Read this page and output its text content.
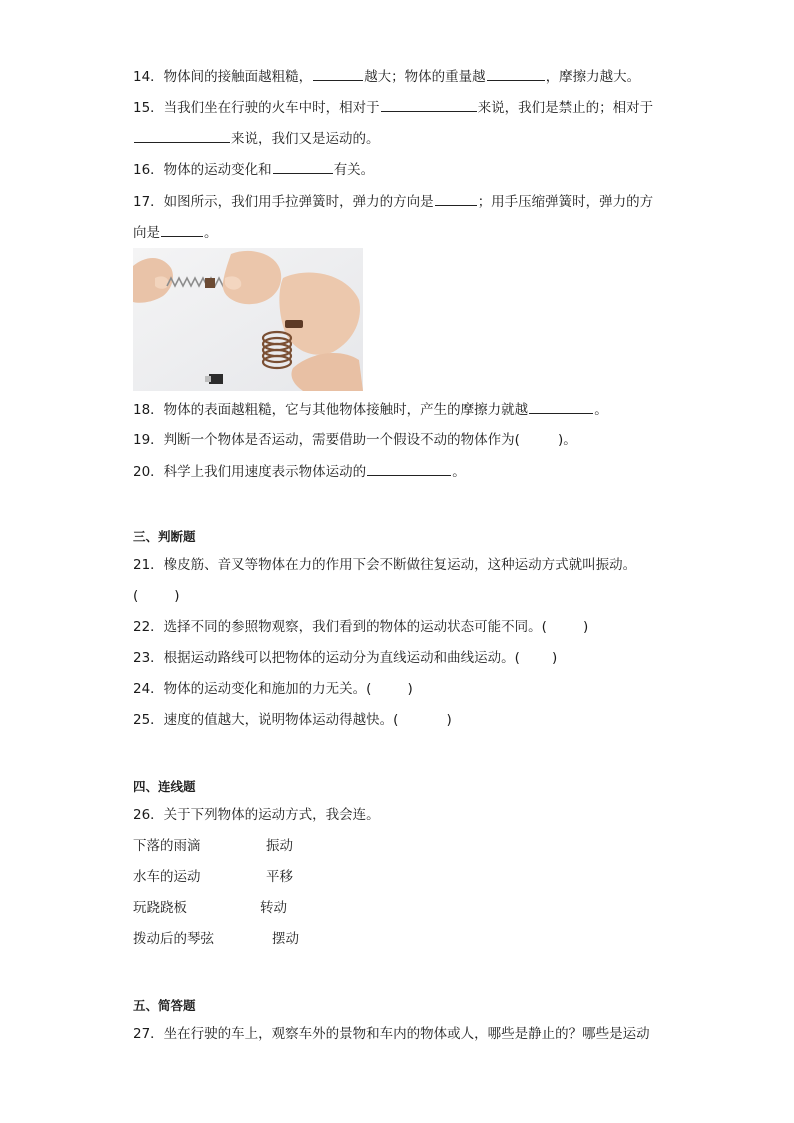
14．物体间的接触面越粗糙，	越大；物体的重量越	，摩擦力越大。
15．当我们坐在行驶的火车中时，相对于	来说，我们是禁止的；相对于
来说，我们又是运动的。
16．物体的运动变化和	有关。
17．如图所示，我们用手拉弹簧时，弹力的方向是	；用手压缩弹簧时，弹力的方
向是	。
18．物体的表面越粗糙，它与其他物体接触时，产生的摩擦力就越	。
19．判断一个物体是否运动，需要借助一个假设不动的物体作为(	)。
20．科学上我们用速度表示物体运动的	。
三、判断题
21．橡皮筋、音叉等物体在力的作用下会不断做往复运动，这种运动方式就叫振动。
(	)
22．选择不同的参照物观察，我们看到的物体的运动状态可能不同。(	)
23．根据运动路线可以把物体的运动分为直线运动和曲线运动。( )
24．物体的运动变化和施加的力无关。(	)
25．速度的值越大，说明物体运动得越快。(	)
四、连线题
26．关于下列物体的运动方式，我会连。
下落的雨滴	振动
水车的运动	平移
玩跷跷板	转动
拨动后的琴弦	摆动
五、简答题
27．坐在行驶的车上，观察车外的景物和车内的物体或人，哪些是静止的？哪些是运动
